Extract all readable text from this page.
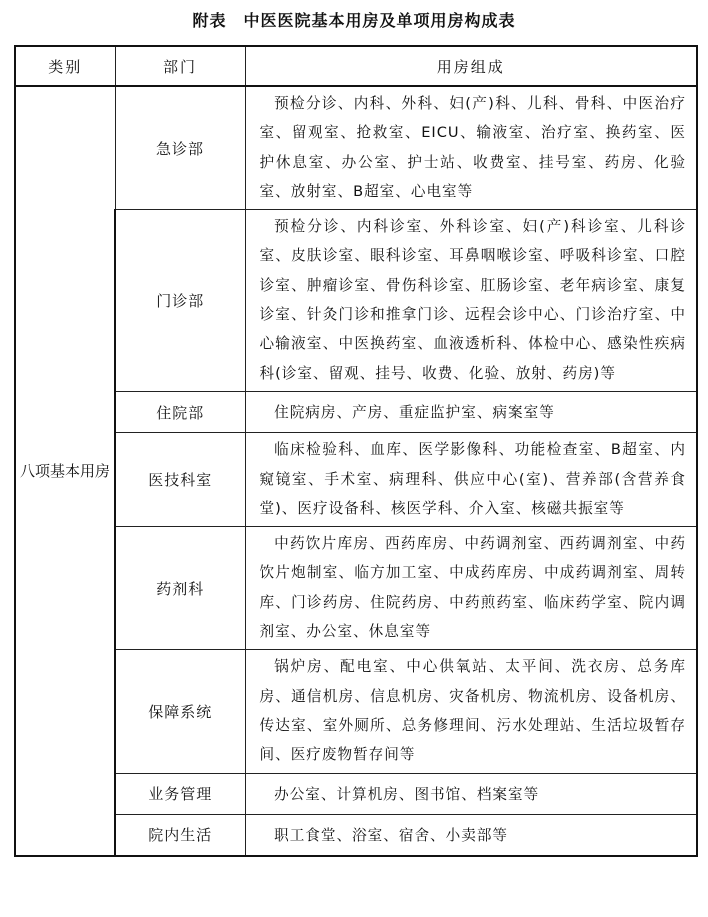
附表　中医医院基本用房及单项用房构成表
类别	部门	用房组成
八项基本用房	急诊部	预检分诊、内科、外科、妇(产)科、儿科、骨科、中医治疗室、留观室、抢救室、EICU、输液室、治疗室、换药室、医护休息室、办公室、护士站、收费室、挂号室、药房、化验室、放射室、B超室、心电室等
	门诊部	预检分诊、内科诊室、外科诊室、妇(产)科诊室、儿科诊室、皮肤诊室、眼科诊室、耳鼻咽喉诊室、呼吸科诊室、口腔诊室、肿瘤诊室、骨伤科诊室、肛肠诊室、老年病诊室、康复诊室、针灸门诊和推拿门诊、远程会诊中心、门诊治疗室、中心输液室、中医换药室、血液透析科、体检中心、感染性疾病科(诊室、留观、挂号、收费、化验、放射、药房)等
	住院部	住院病房、产房、重症监护室、病案室等
	医技科室	临床检验科、血库、医学影像科、功能检查室、B超室、内窥镜室、手术室、病理科、供应中心(室)、营养部(含营养食堂)、医疗设备科、核医学科、介入室、核磁共振室等
	药剂科	中药饮片库房、西药库房、中药调剂室、西药调剂室、中药饮片炮制室、临方加工室、中成药库房、中成药调剂室、周转库、门诊药房、住院药房、中药煎药室、临床药学室、院内调剂室、办公室、休息室等
	保障系统	锅炉房、配电室、中心供氧站、太平间、洗衣房、总务库房、通信机房、信息机房、灾备机房、物流机房、设备机房、传达室、室外厕所、总务修理间、污水处理站、生活垃圾暂存间、医疗废物暂存间等
	业务管理	办公室、计算机房、图书馆、档案室等
	院内生活	职工食堂、浴室、宿舍、小卖部等
